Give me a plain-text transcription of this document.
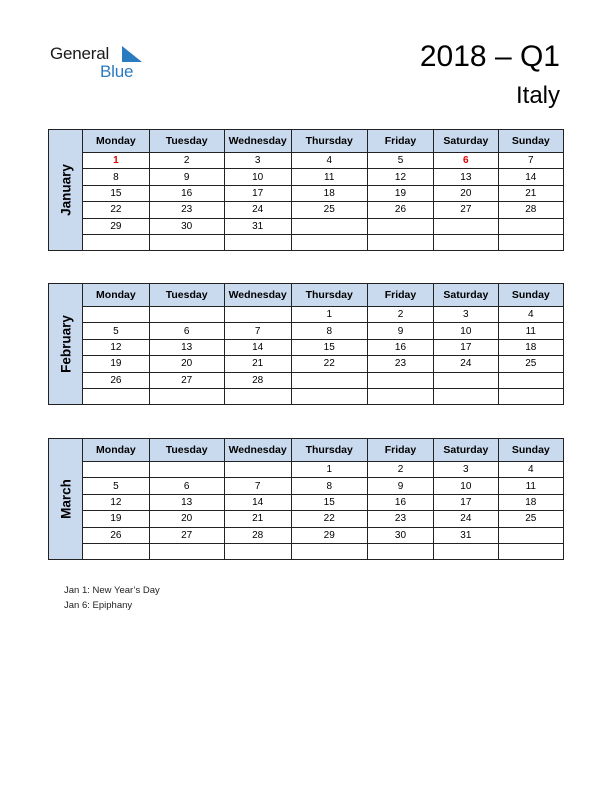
General
Blue	2018 – Q1
Italy
January	Monday	Tuesday	Wednesday	Thursday	Friday	Saturday	Sunday
	1	2	3	4	5	6	7
	8	9	10	11	12	13	14
	15	16	17	18	19	20	21
	22	23	24	25	26	27	28
	29	30	31				

February	Monday	Tuesday	Wednesday	Thursday	Friday	Saturday	Sunday
				1	2	3	4
	5	6	7	8	9	10	11
	12	13	14	15	16	17	18
	19	20	21	22	23	24	25
	26	27	28				

March	Monday	Tuesday	Wednesday	Thursday	Friday	Saturday	Sunday
				1	2	3	4
	5	6	7	8	9	10	11
	12	13	14	15	16	17	18
	19	20	21	22	23	24	25
	26	27	28	29	30	31	

Jan 1: New Year’s Day
Jan 6: Epiphany
